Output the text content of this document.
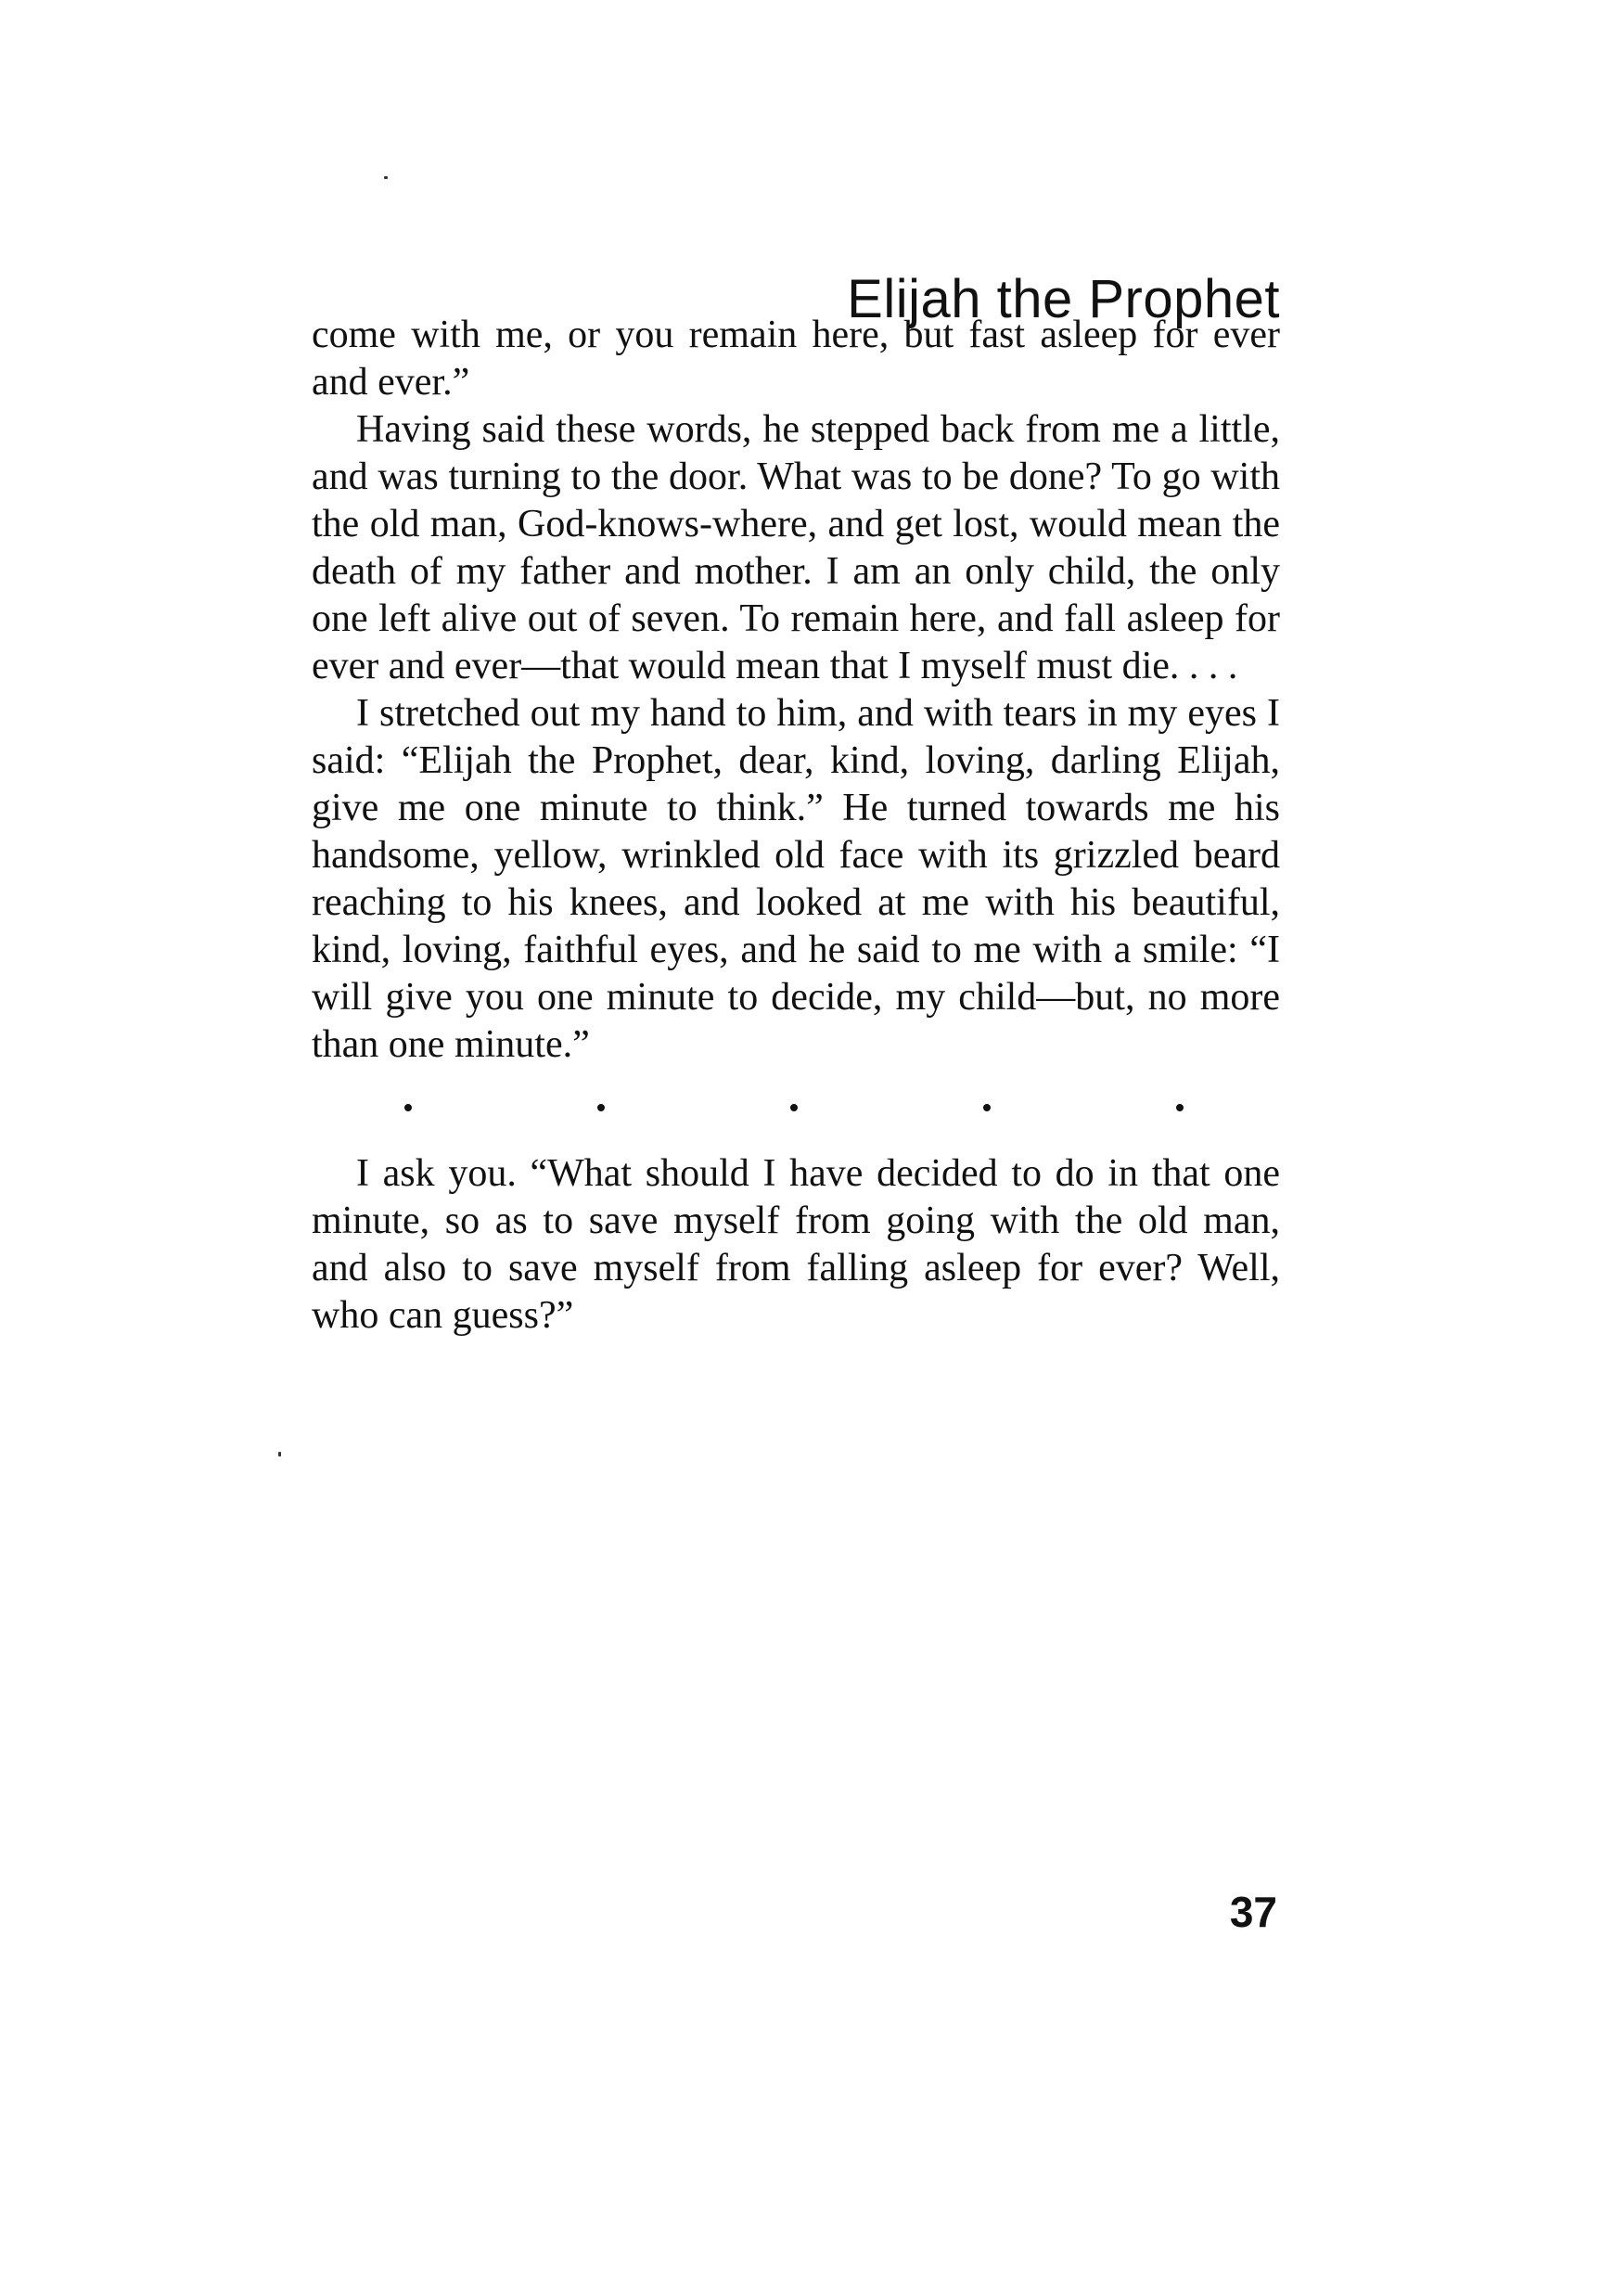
Elijah the Prophet

come with me, or you remain here, but fast asleep for ever and ever.”

Having said these words, he stepped back from me a little, and was turning to the door. What was to be done? To go with the old man, God-knows-where, and get lost, would mean the death of my father and mother. I am an only child, the only one left alive out of seven. To remain here, and fall asleep for ever and ever—that would mean that I myself must die. . . .

I stretched out my hand to him, and with tears in my eyes I said: “Elijah the Prophet, dear, kind, loving, darling Elijah, give me one minute to think.” He turned towards me his handsome, yellow, wrinkled old face with its grizzled beard reaching to his knees, and looked at me with his beautiful, kind, loving, faithful eyes, and he said to me with a smile: “I will give you one minute to decide, my child—but, no more than one minute.”

I ask you. “What should I have decided to do in that one minute, so as to save myself from going with the old man, and also to save myself from falling asleep for ever? Well, who can guess?”

37
